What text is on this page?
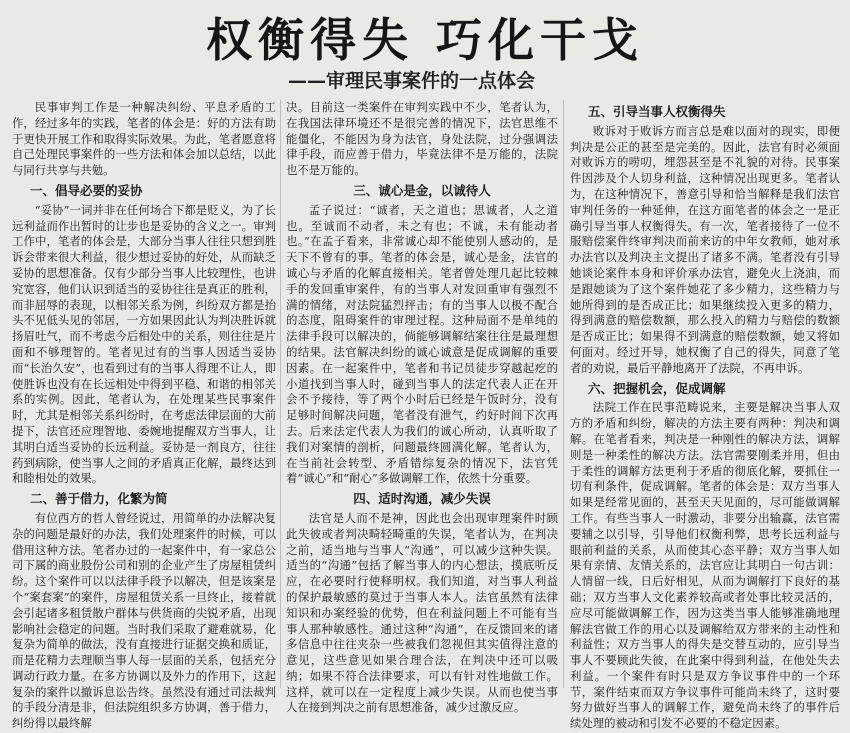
权衡得失 巧化干戈
——审理民事案件的一点体会

民事审判工作是一种解决纠纷、平息矛盾的工作，经过多年的实践，笔者的体会是：好的方法有助于更快开展工作和取得实际效果。为此，笔者愿意将自己处理民事案件的一些方法和体会加以总结，以此与同行共享与共勉。

一、倡导必要的妥协

“妥协”一词并非在任何场合下都是贬义，为了长远利益而作出暂时的让步也是妥协的含义之一。审判工作中，笔者的体会是，大部分当事人往往只想到胜诉会带来很大利益，很少想过妥协的好处，从而缺乏妥协的思想准备。仅有少部分当事人比较理性，也讲究宽容，他们认识到适当的妥协往往是真正的胜利，而非屈辱的表现，以相邻关系为例，纠纷双方都是抬头不见低头见的邻居，一方如果因此认为判决胜诉就扬眉吐气，而不考虑今后相处中的关系，则往往是片面和不够理智的。笔者见过有的当事人因适当妥协而“长治久安”，也看到过有的当事人得理不让人，即使胜诉也没有在长远相处中得到平稳、和谐的相邻关系的实例。因此，笔者认为，在处理某些民事案件时，尤其是相邻关系纠纷时，在考虑法律层面的大前提下，法官还应理智地、委婉地提醒双方当事人，让其明白适当妥协的长远利益。妥协是一剂良方，往往药到病除，使当事人之间的矛盾真正化解，最终达到和睦相处的效果。

二、善于借力，化繁为简

有位西方的哲人曾经说过，用简单的办法解决复杂的问题是最好的办法，我们处理案件的时候，可以借用这种方法。笔者办过的一起案件中，有一家总公司下属的商业股份公司和别的企业产生了房屋租赁纠纷。这个案件可以以法律手段予以解决，但是该案是个“案套案”的案件，房屋租赁关系一旦终止，接着就会引起诸多租赁散户群体与供货商的尖锐矛盾，出现影响社会稳定的问题。当时我们采取了避难就易，化复杂为简单的做法，没有直接进行证据交换和质证，而是花精力去理顺当事人每一层面的关系，包括充分调动行政力量。在多方协调以及外力的作用下，这起复杂的案件以撤诉息讼告终。虽然没有通过司法裁判的手段分清是非，但法院组织多方协调，善于借力，纠纷得以最终解

决。目前这一类案件在审判实践中不少，笔者认为，在我国法律环境还不是很完善的情况下，法官思维不能僵化，不能因为身为法官，身处法院，过分强调法律手段，而应善于借力，毕竟法律不是万能的，法院也不是万能的。

三、诚心是金，以诚待人

孟子说过：“诚者，天之道也；思诚者，人之道也。至诚而不动者，未之有也；不诚，未有能动者也。”在孟子看来，非常诚心却不能使别人感动的，是天下不曾有的事。笔者的体会是，诚心是金，法官的诚心与矛盾的化解直接相关。笔者曾处理几起比较棘手的发回重审案件，有的当事人对发回重审有强烈不满的情绪，对法院猛烈抨击；有的当事人以极不配合的态度，阻碍案件的审理过程。这种局面不是单纯的法律手段可以解决的，倘能够调解结案往往是最理想的结果。法官解决纠纷的诚心诚意是促成调解的重要因素。在一起案件中，笔者和书记员徒步穿越起疙的小道找到当事人时，碰到当事人的法定代表人正在开会不予接待，等了两个小时后已经是午饭时分，没有足够时间解决问题，笔者没有泄气，约好时间下次再去。后来法定代表人为我们的诚心所动，认真听取了我们对案情的剖析，问题最终圆满化解。笔者认为，在当前社会转型、矛盾错综复杂的情况下，法官凭着“诚心”和“耐心”多做调解工作，依然十分重要。

四、适时沟通，减少失误

法官是人而不是神，因此也会出现审理案件时顾此失彼或者判决畸轻畸重的失误，笔者认为，在判决之前，适当地与当事人“沟通”，可以减少这种失误。适当的“沟通”包括了解当事人的内心想法，摸底听反应，在必要时行使释明权。我们知道，对当事人利益的保护最敏感的莫过于当事人本人。法官虽然有法律知识和办案经验的优势，但在利益问题上不可能有当事人那种敏感性。通过这种“沟通”，在反馈回来的诸多信息中往往夹杂一些被我们忽视但其实值得注意的意见，这些意见如果合理合法，在判决中还可以吸纳；如果不符合法律要求，可以有针对性地做工作。这样，就可以在一定程度上减少失误。从而也使当事人在接到判决之前有思想准备，减少过激反应。

五、引导当事人权衡得失

败诉对于败诉方而言总是难以面对的现实，即便判决是公正的甚至是完美的。因此，法官有时必须面对败诉方的唠叨，埋怨甚至是不礼貌的对待。民事案件因涉及个人切身利益，这种情况出现更多。笔者认为，在这种情况下，善意引导和恰当解释是我们法官审判任务的一种延伸，在这方面笔者的体会之一是正确引导当事人权衡得失。有一次，笔者接待了一位不服赔偿案件终审判决而前来访的中年女教师，她对承办法官以及判决主文提出了诸多不满。笔者没有引导她谈论案件本身和评价承办法官，避免火上浇油，而是跟她谈为了这个案件她花了多少精力，这些精力与她所得到的是否成正比；如果继续投入更多的精力，得到满意的赔偿数额，那么投入的精力与赔偿的数额是否成正比；如果得不到满意的赔偿数额，她又将如何面对。经过开导，她权衡了自己的得失，同意了笔者的劝说，最后平静地离开了法院，不再申诉。

六、把握机会，促成调解

法院工作在民事范畴说来，主要是解决当事人双方的矛盾和纠纷，解决的方法主要有两种：判决和调解。在笔者看来，判决是一种刚性的解决方法，调解则是一种柔性的解决方法。法官需要刚柔并用，但由于柔性的调解方法更利于矛盾的彻底化解，要抓住一切有利条件，促成调解。笔者的体会是：双方当事人如果是经常见面的，甚至天天见面的，尽可能做调解工作。有些当事人一时激动，非要分出输赢，法官需要辅之以引导，引导他们权衡利弊，思考长远利益与眼前利益的关系，从而使其心态平静；双方当事人如果有亲情、友情关系的，法官应让其明白一句古训：人情留一线，日后好相见，从而为调解打下良好的基础；双方当事人文化素养较高或者处事比较灵活的，应尽可能做调解工作，因为这类当事人能够准确地理解法官做工作的用心以及调解给双方带来的主动性和利益性；双方当事人的得失是交替互动的，应引导当事人不要顾此失彼，在此案中得到利益，在他处失去利益。一个案件有时只是双方争议事件中的一个环节，案件结束而双方争议事件可能尚未终了，这时要努力做好当事人的调解工作，避免尚未终了的事件后续处理的被动和引发不必要的不稳定因素。
